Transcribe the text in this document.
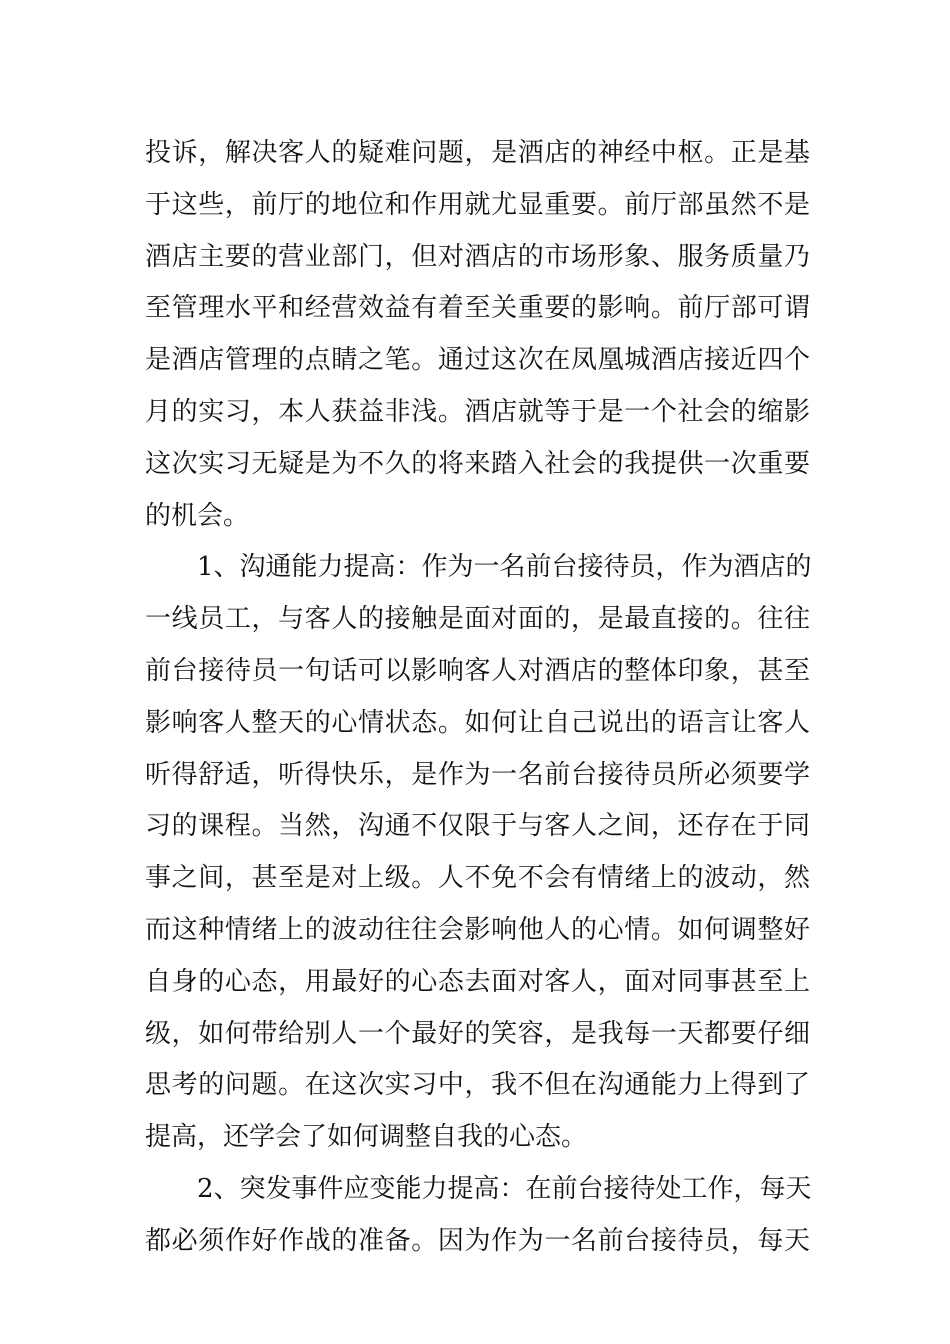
投诉，解决客人的疑难问题，是酒店的神经中枢。正是基
于这些，前厅的地位和作用就尤显重要。前厅部虽然不是
酒店主要的营业部门，但对酒店的市场形象、服务质量乃
至管理水平和经营效益有着至关重要的影响。前厅部可谓
是酒店管理的点睛之笔。通过这次在凤凰城酒店接近四个
月的实习，本人获益非浅。酒店就等于是一个社会的缩影
这次实习无疑是为不久的将来踏入社会的我提供一次重要
的机会。
1、沟通能力提高：作为一名前台接待员，作为酒店的
一线员工，与客人的接触是面对面的，是最直接的。往往
前台接待员一句话可以影响客人对酒店的整体印象，甚至
影响客人整天的心情状态。如何让自己说出的语言让客人
听得舒适，听得快乐，是作为一名前台接待员所必须要学
习的课程。当然，沟通不仅限于与客人之间，还存在于同
事之间，甚至是对上级。人不免不会有情绪上的波动，然
而这种情绪上的波动往往会影响他人的心情。如何调整好
自身的心态，用最好的心态去面对客人，面对同事甚至上
级，如何带给别人一个最好的笑容，是我每一天都要仔细
思考的问题。在这次实习中，我不但在沟通能力上得到了
提高，还学会了如何调整自我的心态。
2、突发事件应变能力提高：在前台接待处工作，每天
都必须作好作战的准备。因为作为一名前台接待员，每天
